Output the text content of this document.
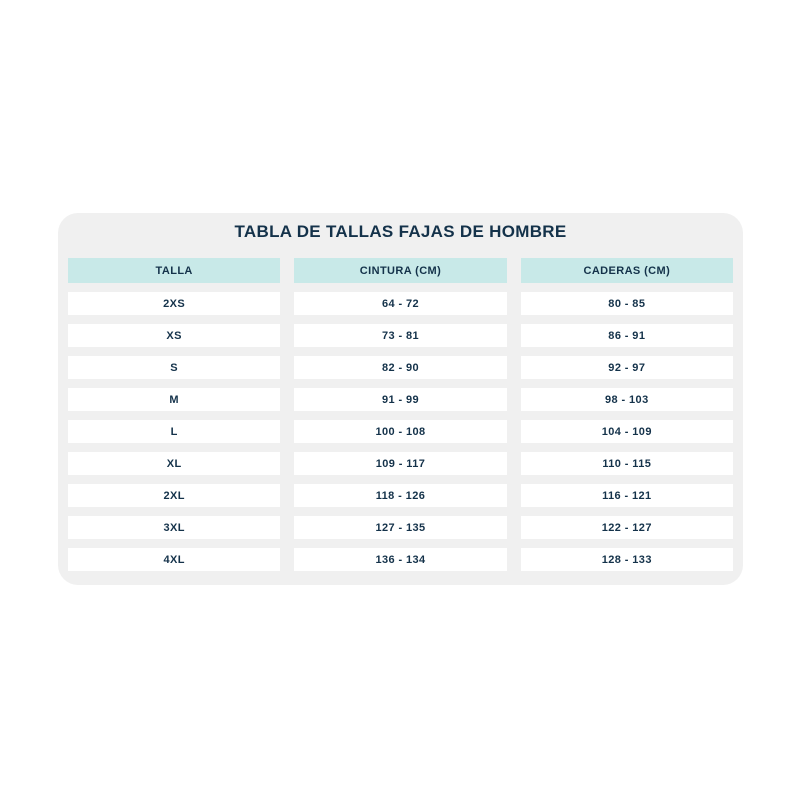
TABLA DE TALLAS FAJAS DE HOMBRE
TALLA	CINTURA (CM)	CADERAS (CM)
2XS	64 - 72	80 - 85
XS	73 - 81	86 - 91
S	82 - 90	92 - 97
M	91 - 99	98 - 103
L	100 - 108	104 - 109
XL	109 - 117	110 - 115
2XL	118 - 126	116 - 121
3XL	127 - 135	122 - 127
4XL	136 - 134	128 - 133
